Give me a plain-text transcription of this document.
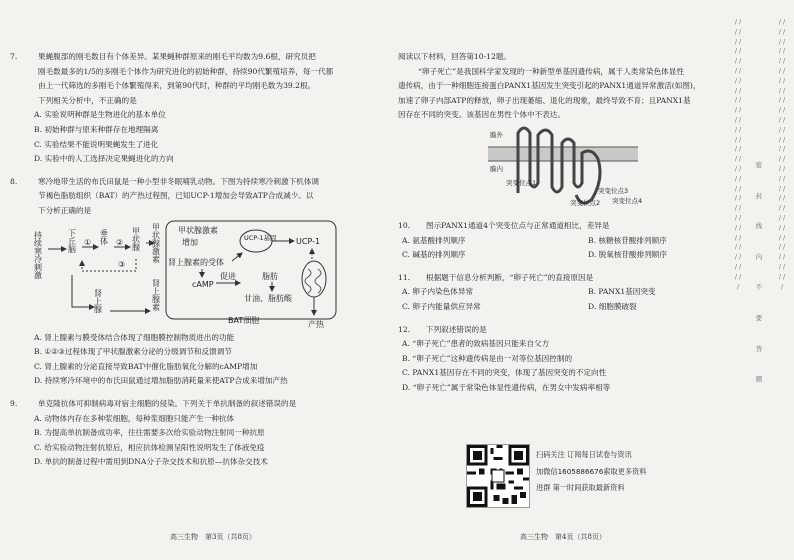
7.	果蝇腹部的刚毛数目有个体差异。某果蝇种群原来的刚毛平均数为9.6根，研究员把

刚毛数最多的1/5的多刚毛个体作为研究进化的初始种群，持续90代繁殖培养，每一代都

由上一代筛选的多刚毛个体繁殖得来，到第90代时，种群的平均刚毛数为39.2根。

下列相关分析中，不正确的是

A. 实验说明种群是生物进化的基本单位

B. 初始种群与原来种群存在地理隔离

C. 实验结果不能说明果蝇发生了进化

D. 实验中的人工选择决定果蝇进化的方向

8.	寒冷地带生活的布氏田鼠是一种小型非冬眠哺乳动物。下图为持续寒冷刺激下机体调

节褐色脂肪组织（BAT）的产热过程图，已知UCP-1增加会导致ATP合成减少。以

下分析正确的是

持续寒冷刺激	下丘脑 ① 垂体 ② 甲状腺
③
甲状腺激素
肾上腺	肾上腺素
甲状腺激素
增加	UCP-1基因 UCP-1
肾上腺素的受体
cAMP
促进	脂肪
甘油、脂肪酸
BAT细胞	产热

A. 肾上腺素与膜受体结合体现了细胞膜控制物质进出的功能

B. ①②③过程体现了甲状腺激素分泌的分级调节和反馈调节

C. 肾上腺素的分泌直接导致BAT中催化脂肪氧化分解的cAMP增加

D. 持续寒冷环境中的布氏田鼠通过增加脂肪消耗量来使ATP合成来增加产热

9.	单克隆抗体可抑制病毒对宿主细胞的侵染。下列关于单抗制备的叙述错误的是

A. 动物体内存在多种浆细胞，每种浆细胞只能产生一种抗体

B. 为提高单抗制备成功率，往往需要多次给实验动物注射同一种抗原

C. 给实验动物注射抗原后，相应抗体检测呈阳性说明发生了体液免疫

D. 单抗的制备过程中需用到DNA分子杂交技术和抗原—抗体杂交技术

高三生物　第3页（共8页）

阅读以下材料，回答第10-12题。

“卵子死亡”是我国科学家发现的一种新型单基因遗传病，属于人类常染色体显性

遗传病，由于一种细胞连接蛋白PANX1基因发生突变引起的PANX1通道异常激活(如图)，

加速了卵子内部ATP的释放，卵子出现萎缩、退化的现象，最终导致不育；且PANX1基

因存在不同的突变。该基因在男性个体中不表达。

膜外
膜内
突变位点1
突变位点2
突变位点3
突变位点4
10.	图示PANX1通道4个突变位点与正常通道相比，差异是
A. 氨基酸排列顺序	B. 核糖核苷酸排列顺序
C. 碱基的排列顺序	D. 脱氧核苷酸排列顺序
11.	根据题干信息分析判断，“卵子死亡”的直接原因是
A. 卵子内染色体异常	B. PANX1基因突变
C. 卵子内能量供应异常	D. 细胞膜破裂
12.	下列叙述错误的是

A. “卵子死亡”患者的致病基因只能来自父方

B. “卵子死亡”这种遗传病是由一对等位基因控制的

C. PANX1基因存在不同的突变，体现了基因突变的不定向性

D. “卵子死亡”属于常染色体显性遗传病，在男女中发病率相等

扫码关注 订阅每日试卷与资讯
加微信1605886676索取更多资料
进群 第一时间获取最新资料
高三生物　第4页（共8页）
/ / / / / / / / / / / / / / / / / / / / / / / / / / / / / / / / / / / / / / / / / / / / / / / / / / / / / / /
/ / / / / / / / / / / / / / / / / / / / / / / / / / / / / / / / / / / / / / / / / / / / / / / / / / / / / / /
密
封
线
内
不
要
答
题
